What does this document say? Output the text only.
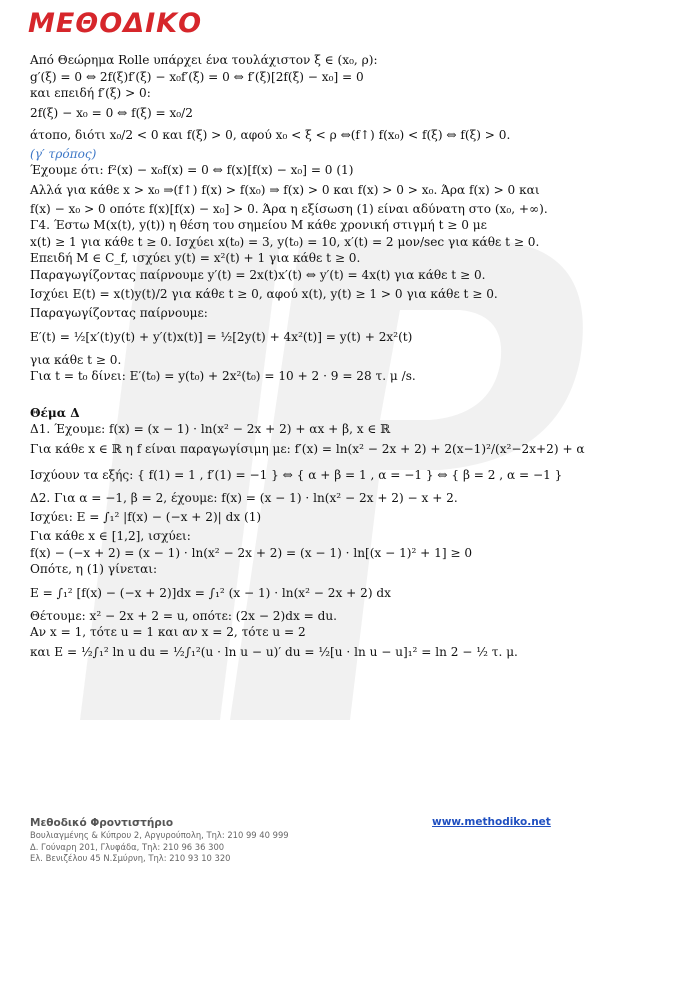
ΜΕΘΟΔΙΚΟ
Από Θεώρημα Rolle υπάρχει ένα τουλάχιστον ξ ∈ (x₀, ρ):
g′(ξ) = 0 ⇔ 2f(ξ)f′(ξ) − x₀f′(ξ) = 0 ⇔ f′(ξ)[2f(ξ) − x₀] = 0
και επειδή f′(ξ) > 0:
2f(ξ) − x₀ = 0 ⇔ f(ξ) = x₀/2
άτοπο, διότι x₀/2 < 0 και f(ξ) > 0, αφού x₀ < ξ < ρ ⇔(f↑) f(x₀) < f(ξ) ⇔ f(ξ) > 0.
(γ′ τρόπος)
Έχουμε ότι: f²(x) − x₀f(x) = 0 ⇔ f(x)[f(x) − x₀] = 0 (1)
Αλλά για κάθε x > x₀ ⇒(f↑) f(x) > f(x₀) ⇒ f(x) > 0 και f(x) > 0 > x₀. Άρα f(x) > 0 και
f(x) − x₀ > 0 οπότε f(x)[f(x) − x₀] > 0. Άρα η εξίσωση (1) είναι αδύνατη στο (x₀, +∞).
Γ4. Έστω M(x(t), y(t)) η θέση του σημείου M κάθε χρονική στιγμή t ≥ 0 με
x(t) ≥ 1 για κάθε t ≥ 0. Ισχύει x(t₀) = 3, y(t₀) = 10, x′(t) = 2 μον/sec για κάθε t ≥ 0.
Επειδή M ∈ C_f, ισχύει y(t) = x²(t) + 1 για κάθε t ≥ 0.
Παραγωγίζοντας παίρνουμε y′(t) = 2x(t)x′(t) ⇔ y′(t) = 4x(t) για κάθε t ≥ 0.
Ισχύει E(t) = x(t)y(t)/2 για κάθε t ≥ 0, αφού x(t), y(t) ≥ 1 > 0 για κάθε t ≥ 0.
Παραγωγίζοντας παίρνουμε:
E′(t) = ½[x′(t)y(t) + y′(t)x(t)] = ½[2y(t) + 4x²(t)] = y(t) + 2x²(t)
για κάθε t ≥ 0.
Για t = t₀ δίνει: E′(t₀) = y(t₀) + 2x²(t₀) = 10 + 2 · 9 = 28 τ. μ /s.
Θέμα Δ
Δ1. Έχουμε: f(x) = (x − 1) · ln(x² − 2x + 2) + αx + β, x ∈ ℝ
Για κάθε x ∈ ℝ η f είναι παραγωγίσιμη με: f′(x) = ln(x² − 2x + 2) + 2(x−1)²/(x²−2x+2) + α
Ισχύουν τα εξής: { f(1) = 1 , f′(1) = −1 } ⇔ { α + β = 1 , α = −1 } ⇔ { β = 2 , α = −1 }
Δ2. Για α = −1, β = 2, έχουμε: f(x) = (x − 1) · ln(x² − 2x + 2) − x + 2.
Ισχύει: E = ∫₁² |f(x) − (−x + 2)| dx (1)
Για κάθε x ∈ [1,2], ισχύει:
f(x) − (−x + 2) = (x − 1) · ln(x² − 2x + 2) = (x − 1) · ln[(x − 1)² + 1] ≥ 0
Οπότε, η (1) γίνεται:
E = ∫₁² [f(x) − (−x + 2)]dx = ∫₁² (x − 1) · ln(x² − 2x + 2) dx
Θέτουμε: x² − 2x + 2 = u, οπότε: (2x − 2)dx = du.
Αν x = 1, τότε u = 1 και αν x = 2, τότε u = 2
και E = ½∫₁² ln u du = ½∫₁²(u · ln u − u)′ du = ½[u · ln u − u]₁² = ln 2 − ½ τ. μ.
Μεθοδικό Φροντιστήριο
Βουλιαγμένης & Κύπρου 2, Αργυρούπολη, Τηλ: 210 99 40 999
Δ. Γούναρη 201, Γλυφάδα, Τηλ: 210 96 36 300
Ελ. Βενιζέλου 45 Ν.Σμύρνη, Τηλ: 210 93 10 320
www.methodiko.net
